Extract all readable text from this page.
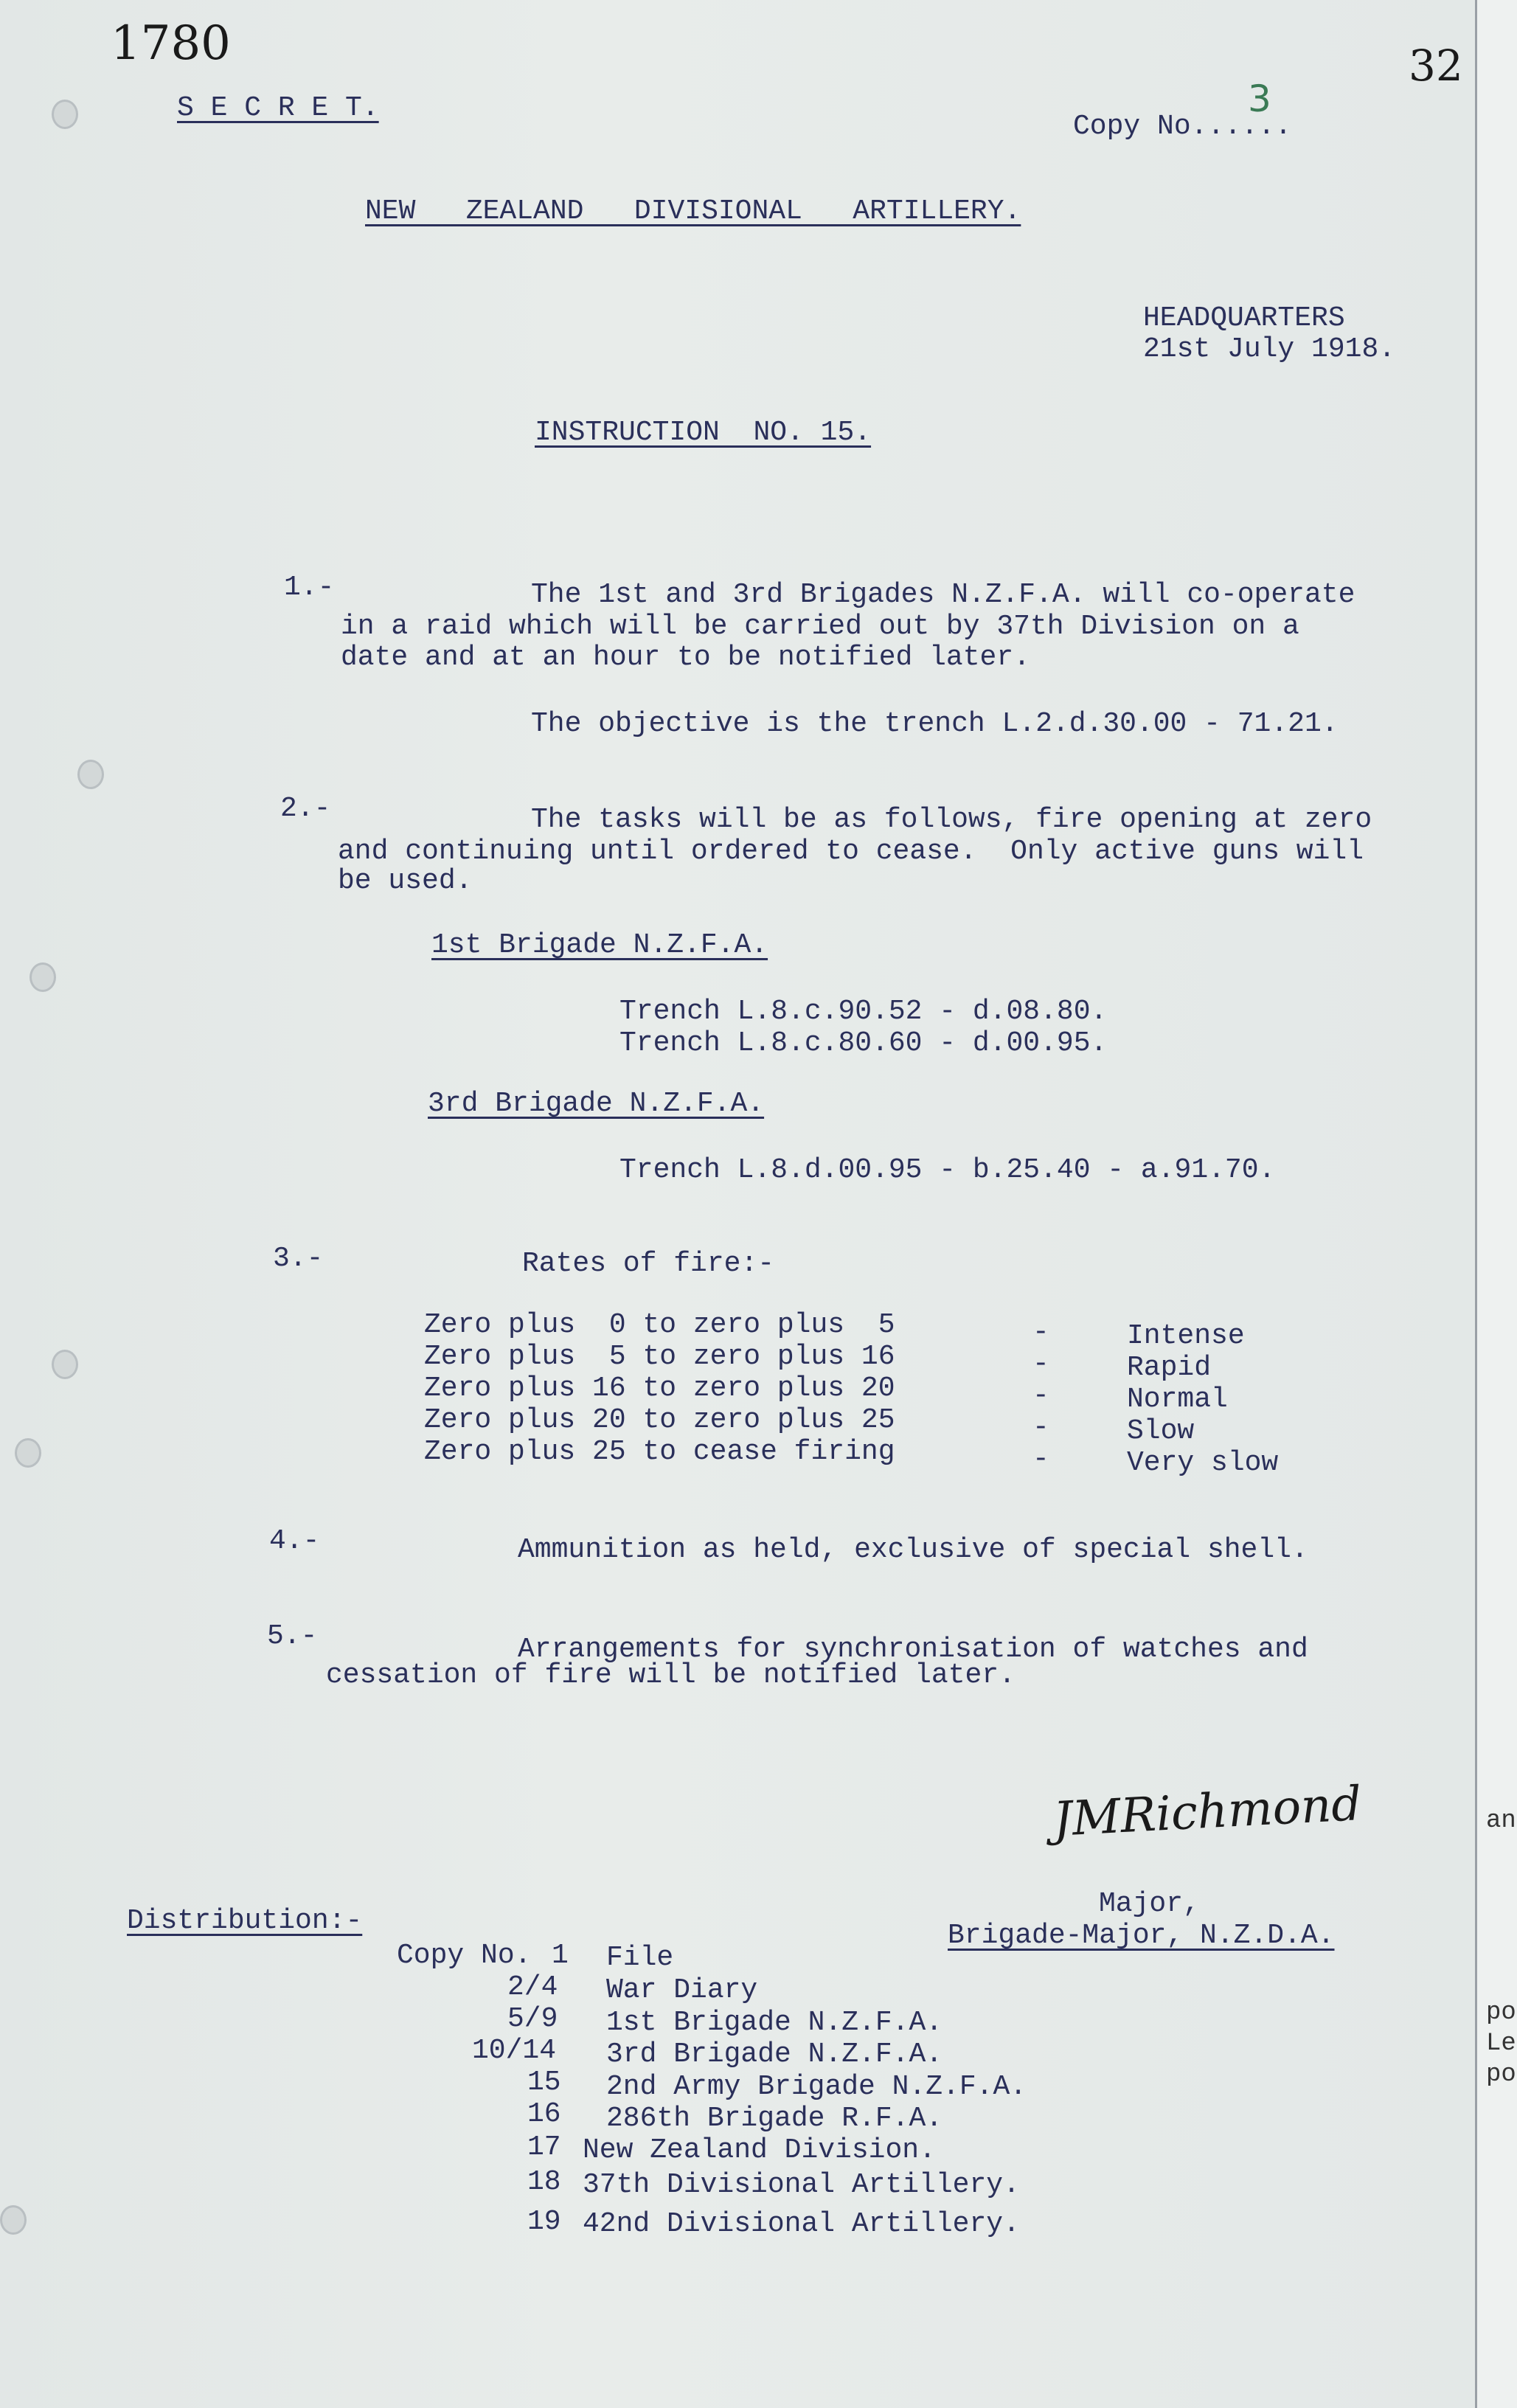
1780	32
S E C R E T.
Copy No......
3
NEW   ZEALAND   DIVISIONAL   ARTILLERY.
HEADQUARTERS
21st July 1918.
INSTRUCTION  NO. 15.
1.-	The 1st and 3rd Brigades N.Z.F.A. will co-operate
in a raid which will be carried out by 37th Division on a
date and at an hour to be notified later.
The objective is the trench L.2.d.30.00 - 71.21.
2.-	The tasks will be as follows, fire opening at zero
and continuing until ordered to cease.  Only active guns will
be used.
1st Brigade N.Z.F.A.
Trench L.8.c.90.52 - d.08.80.
Trench L.8.c.80.60 - d.00.95.
3rd Brigade N.Z.F.A.
Trench L.8.d.00.95 - b.25.40 - a.91.70.
3.-	Rates of fire:-
Zero plus  0 to zero plus  5	-	Intense
Zero plus  5 to zero plus 16	-	Rapid
Zero plus 16 to zero plus 20	-	Normal
Zero plus 20 to zero plus 25	-	Slow
Zero plus 25 to cease firing	-	Very slow
4.-	Ammunition as held, exclusive of special shell.
5.-	Arrangements for synchronisation of watches and
cessation of fire will be notified later.
JMRichmond
Major,
Brigade-Major, N.Z.D.A.
Distribution:-
Copy No. 1 File
2/4 War Diary
5/9 1st Brigade N.Z.F.A.
10/14 3rd Brigade N.Z.F.A.
15 2nd Army Brigade N.Z.F.A.
16 286th Brigade R.F.A.
17 New Zealand Division.
18 37th Divisional Artillery.
19 42nd Divisional Artillery.
an
po
Le
po
